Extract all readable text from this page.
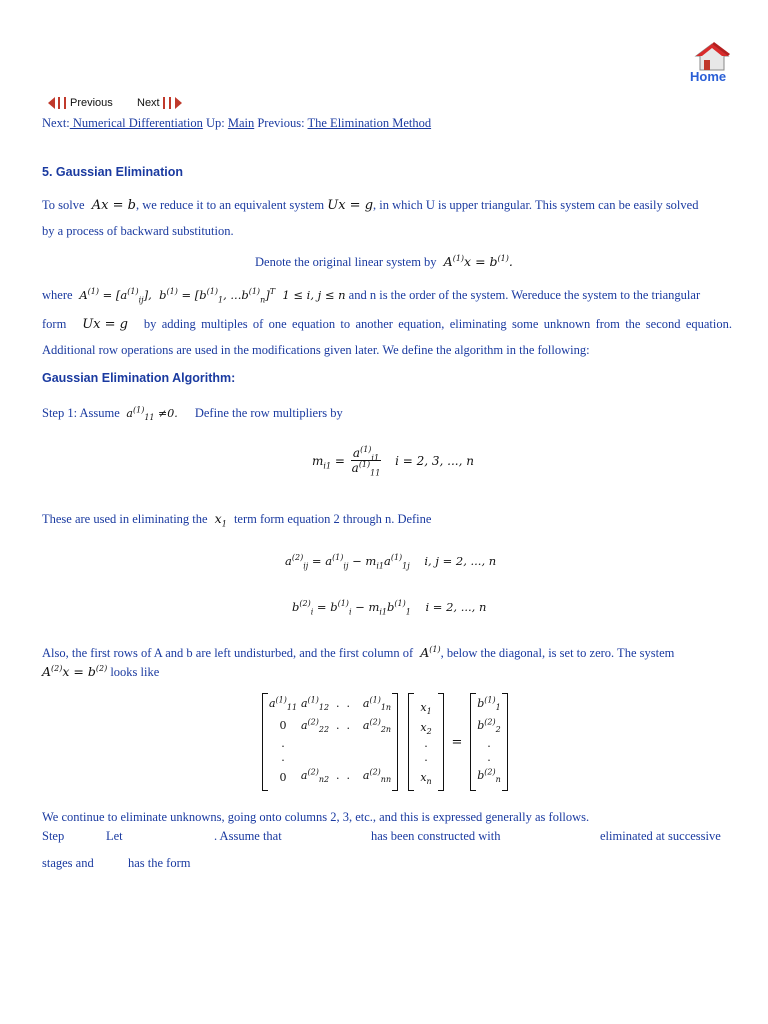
Home
Previous Next
Next: Numerical Differentiation Up: Main Previous: The Elimination Method
5. Gaussian Elimination
To solve  Ax = b, we reduce it to an equivalent system Ux = g, in which U is upper triangular. This system can be easily solved
by a process of backward substitution.
Denote the original linear system by  $A^{(1)}x = b^{(1)}$.
where  $A^{(1)} = [a^{(1)}_{ij}]$,  $b^{(1)} = [b^{(1)}_1$, $...b^{(1)}_n]^T$  1 ≤ i, j ≤ n and n is the order of the system. Wereduce the system to the triangular
form Ux = g by adding multiples of one equation to another equation, eliminating some unknown from the second equation.
Additional row operations are used in the modifications given later. We define the algorithm in the following:
Gaussian Elimination Algorithm:
Step 1: Assume  $a^{(1)}_{11} \ne 0$. Define the row multipliers by
$m_{i1} = \frac{a^{(1)}_{i1}}{a^{(1)}_{11}}$ i = 2, 3, ..., n
These are used in eliminating the  $x_1$ term form equation 2 through n. Define
$a^{(2)}_{ij} = a^{(1)}_{ij} - m_{i1}a^{(1)}_{1j}$    i, j = 2, ..., n
$b^{(2)}_i = b^{(1)}_i - m_{i1}b^{(1)}_1$    i = 2, ..., n
Also, the first rows of A and b are left undisturbed, and the first column of  $A^{(1)}$, below the diagonal, is set to zero. The system
$A^{(2)}x = b^{(2)}$ looks like
$a^{(1)}_{11}$ $a^{(1)}_{12}$ .  .	$a^{(1)}_{1n}$
0	$a^{(2)}_{22}$ .  .	$a^{(2)}_{2n}$
.
.
0	$a^{(2)}_{n2}$ .  .	$a^{(2)}_{nn}$
$x_1$
$x_2$
.
.
$x_n$
=
$b^{(1)}_1$
$b^{(2)}_2$
.
.
$b^{(2)}_n$
We continue to eliminate unknowns, going onto columns 2, 3, etc., and this is expressed generally as follows.
Step	Let	. Assume that	has been constructed with	eliminated at successive
stages and	has the form
